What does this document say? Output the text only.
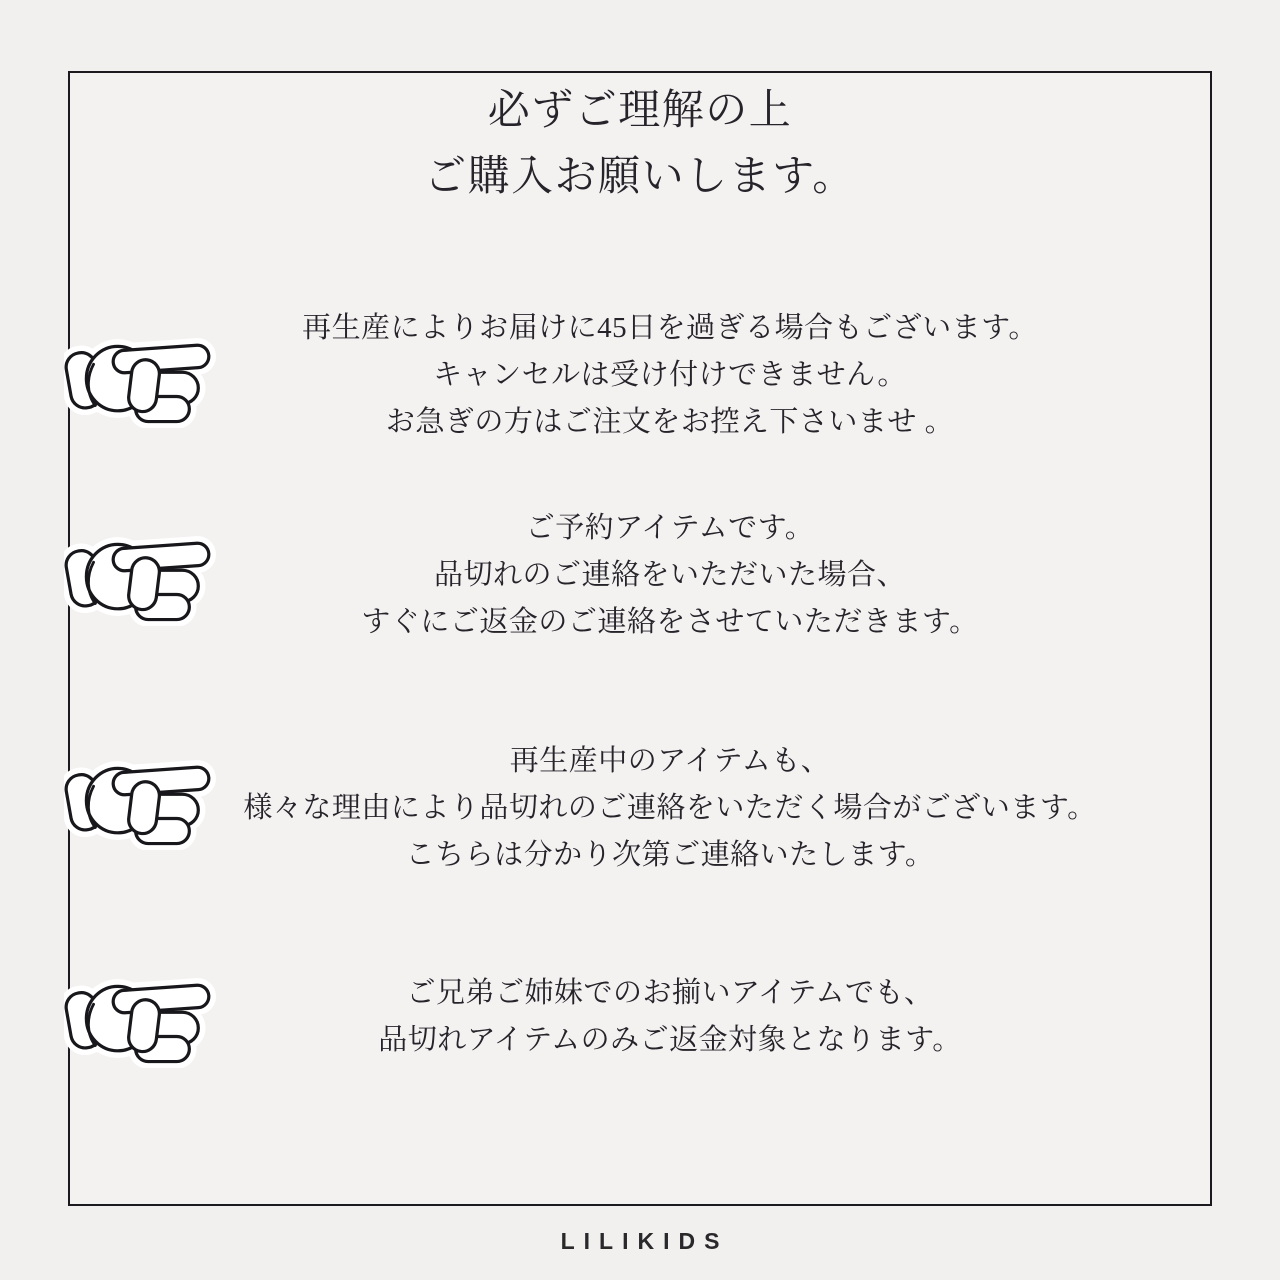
必ずご理解の上
ご購入お願いします。
再生産によりお届けに45日を過ぎる場合もございます。
キャンセルは受け付けできません。
お急ぎの方はご注文をお控え下さいませ 。
ご予約アイテムです。
品切れのご連絡をいただいた場合、
すぐにご返金のご連絡をさせていただきます。
再生産中のアイテムも、
様々な理由により品切れのご連絡をいただく場合がございます。
こちらは分かり次第ご連絡いたします。
ご兄弟ご姉妹でのお揃いアイテムでも、
品切れアイテムのみご返金対象となります。
LILIKIDS
